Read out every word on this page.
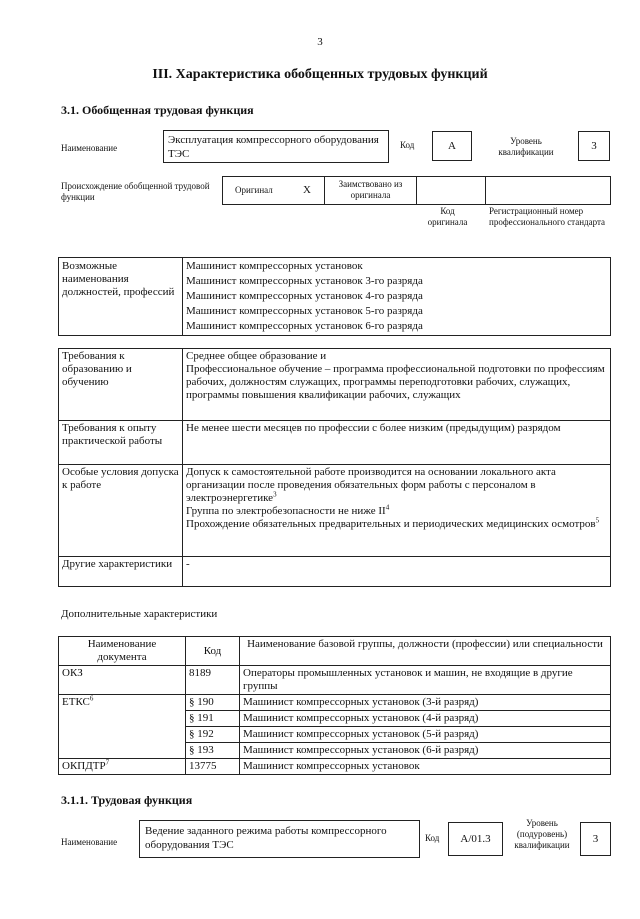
3
III. Характеристика обобщенных трудовых функций
3.1. Обобщенная трудовая функция
Наименование
Эксплуатация компрессорного оборудования ТЭС
Код	А	Уровень квалификации	3
Происхождение обобщенной трудовой функции
Оригинал	X	Заимствовано из оригинала
Код оригинала
Регистрационный номер профессионального стандарта
Возможные наименования должностей, профессий	
Машинист компрессорных установок
Машинист компрессорных установок 3-го разряда
Машинист компрессорных установок 4-го разряда
Машинист компрессорных установок 5-го разряда
Машинист компрессорных установок 6-го разряда
Требования к образованию и обучению	Среднее общее образование и
Профессиональное обучение – программа профессиональной подготовки по профессиям рабочих, должностям служащих, программы переподготовки рабочих, служащих, программы повышения квалификации рабочих, служащих

Требования к опыту практической работы	Не менее шести месяцев по профессии с более низким (предыдущим) разрядом
Особые условия допуска к работе	Допуск к самостоятельной работе производится на основании локального акта организации после проведения обязательных форм работы с персоналом в электроэнергетике$^3$
Группа по электробезопасности не ниже $II^4$
Прохождение обязательных предварительных и периодических медицинских осмотров$^5$

Другие характеристики	-
Дополнительные характеристики
Наименование документа	Код	Наименование базовой группы, должности (профессии) или специальности
ОКЗ	8189	Операторы промышленных установок и машин, не входящие в другие группы
ЕТКС$^6$	§ 190	Машинист компрессорных установок (3-й разряд)
	§ 191	Машинист компрессорных установок (4-й разряд)
	§ 192	Машинист компрессорных установок (5-й разряд)
	§ 193	Машинист компрессорных установок (6-й разряд)
ОКПДТР$^7$	13775	Машинист компрессорных установок
3.1.1. Трудовая функция
Наименование
Ведение заданного режима работы компрессорного оборудования ТЭС
Код	A/01.3
Уровень (подуровень) квалификации	3
